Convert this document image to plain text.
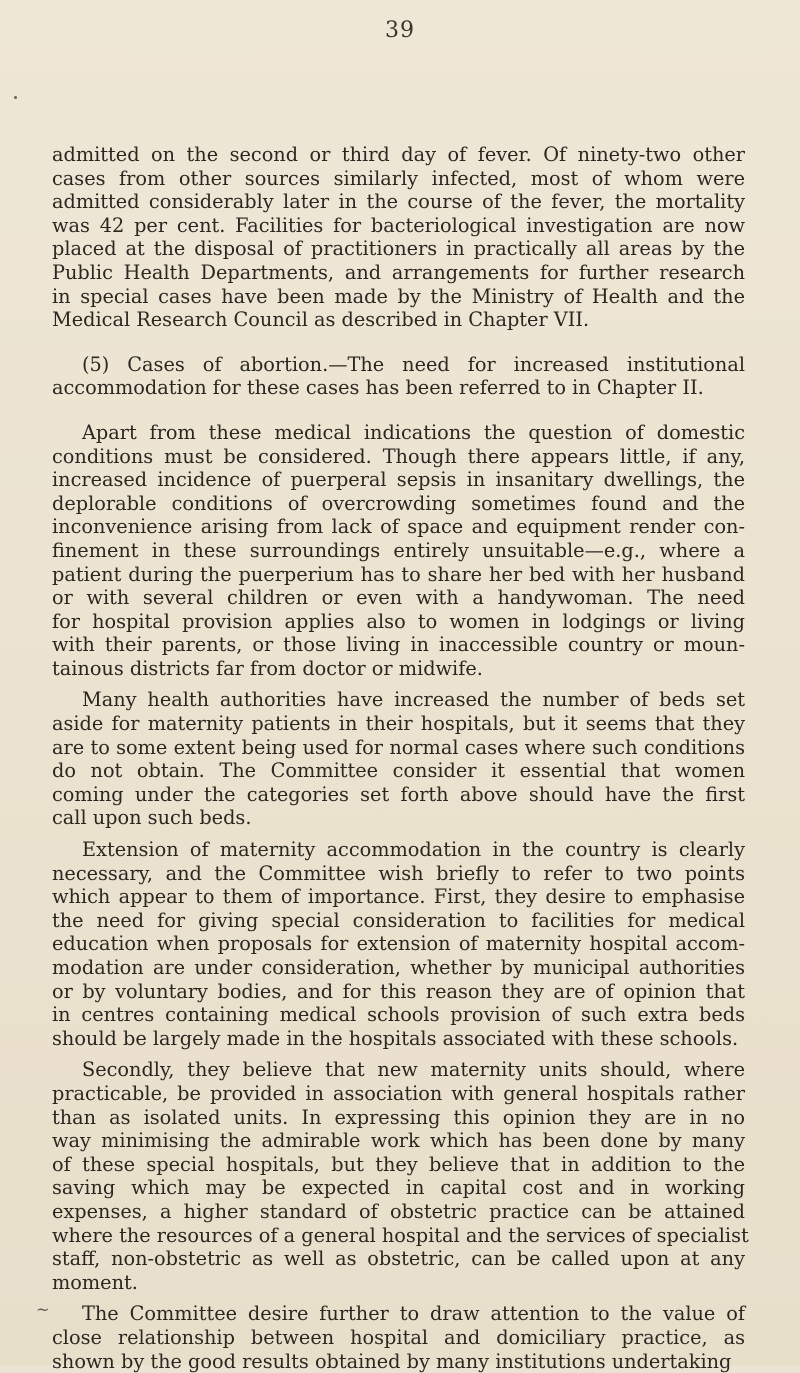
39
admitted on the second or third day of fever. Of ninety-two other
cases from other sources similarly infected, most of whom were
admitted considerably later in the course of the fever, the mortality
was 42 per cent. Facilities for bacteriological investigation are now
placed at the disposal of practitioners in practically all areas by the
Public Health Departments, and arrangements for further research
in special cases have been made by the Ministry of Health and the
Medical Research Council as described in Chapter VII.
(5) Cases of abortion.—The need for increased institutional
accommodation for these cases has been referred to in Chapter II.
Apart from these medical indications the question of domestic
conditions must be considered. Though there appears little, if any,
increased incidence of puerperal sepsis in insanitary dwellings, the
deplorable conditions of overcrowding sometimes found and the
inconvenience arising from lack of space and equipment render con-
finement in these surroundings entirely unsuitable—e.g., where a
patient during the puerperium has to share her bed with her husband
or with several children or even with a handywoman. The need
for hospital provision applies also to women in lodgings or living
with their parents, or those living in inaccessible country or moun-
tainous districts far from doctor or midwife.
Many health authorities have increased the number of beds set
aside for maternity patients in their hospitals, but it seems that they
are to some extent being used for normal cases where such conditions
do not obtain. The Committee consider it essential that women
coming under the categories set forth above should have the first
call upon such beds.
Extension of maternity accommodation in the country is clearly
necessary, and the Committee wish briefly to refer to two points
which appear to them of importance. First, they desire to emphasise
the need for giving special consideration to facilities for medical
education when proposals for extension of maternity hospital accom-
modation are under consideration, whether by municipal authorities
or by voluntary bodies, and for this reason they are of opinion that
in centres containing medical schools provision of such extra beds
should be largely made in the hospitals associated with these schools.
Secondly, they believe that new maternity units should, where
practicable, be provided in association with general hospitals rather
than as isolated units. In expressing this opinion they are in no
way minimising the admirable work which has been done by many
of these special hospitals, but they believe that in addition to the
saving which may be expected in capital cost and in working
expenses, a higher standard of obstetric practice can be attained
where the resources of a general hospital and the services of specialist
staff, non-obstetric as well as obstetric, can be called upon at any
moment.
The Committee desire further to draw attention to the value of
close relationship between hospital and domiciliary practice, as
shown by the good results obtained by many institutions undertaking
~
